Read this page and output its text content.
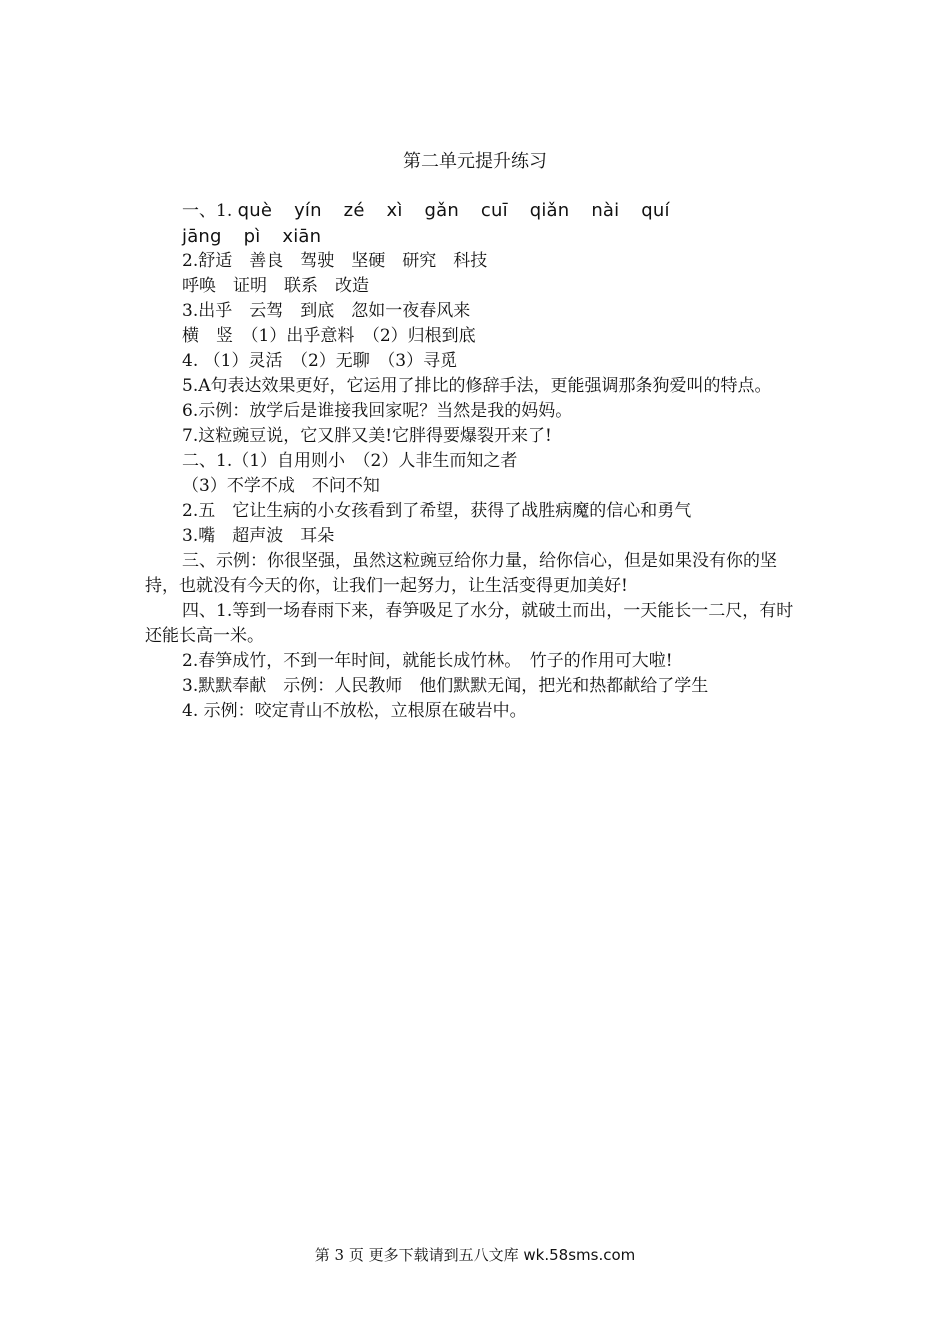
第二单元提升练习
一、1. què yín zé xì gǎn cuī qiǎn nài quí
jāng pì xiān
2.舒适　善良　驾驶　坚硬　研究　科技
呼唤　证明　联系　改造
3.出乎　云驾　到底　忽如一夜春风来
横　竖　（1）出乎意料　（2）归根到底
4. （1）灵活　（2）无聊　（3）寻觅
5.A句表达效果更好，它运用了排比的修辞手法，更能强调那条狗爱叫的特点。
6.示例：放学后是谁接我回家呢？当然是我的妈妈。
7.这粒豌豆说，它又胖又美!它胖得要爆裂开来了!
二、1.（1）自用则小　（2）人非生而知之者
（3）不学不成　不问不知
2.五　它让生病的小女孩看到了希望，获得了战胜病魔的信心和勇气
3.嘴　超声波　耳朵
三、示例：你很坚强，虽然这粒豌豆给你力量，给你信心，但是如果没有你的坚持，也就没有今天的你，让我们一起努力，让生活变得更加美好!
四、1.等到一场春雨下来，春笋吸足了水分，就破土而出，一天能长一二尺，有时还能长高一米。
2.春笋成竹，不到一年时间，就能长成竹林。　竹子的作用可大啦!
3.默默奉献　示例：人民教师　他们默默无闻，把光和热都献给了学生
4. 示例：咬定青山不放松，立根原在破岩中。
第 3 页 更多下载请到五八文库 wk.58sms.com
